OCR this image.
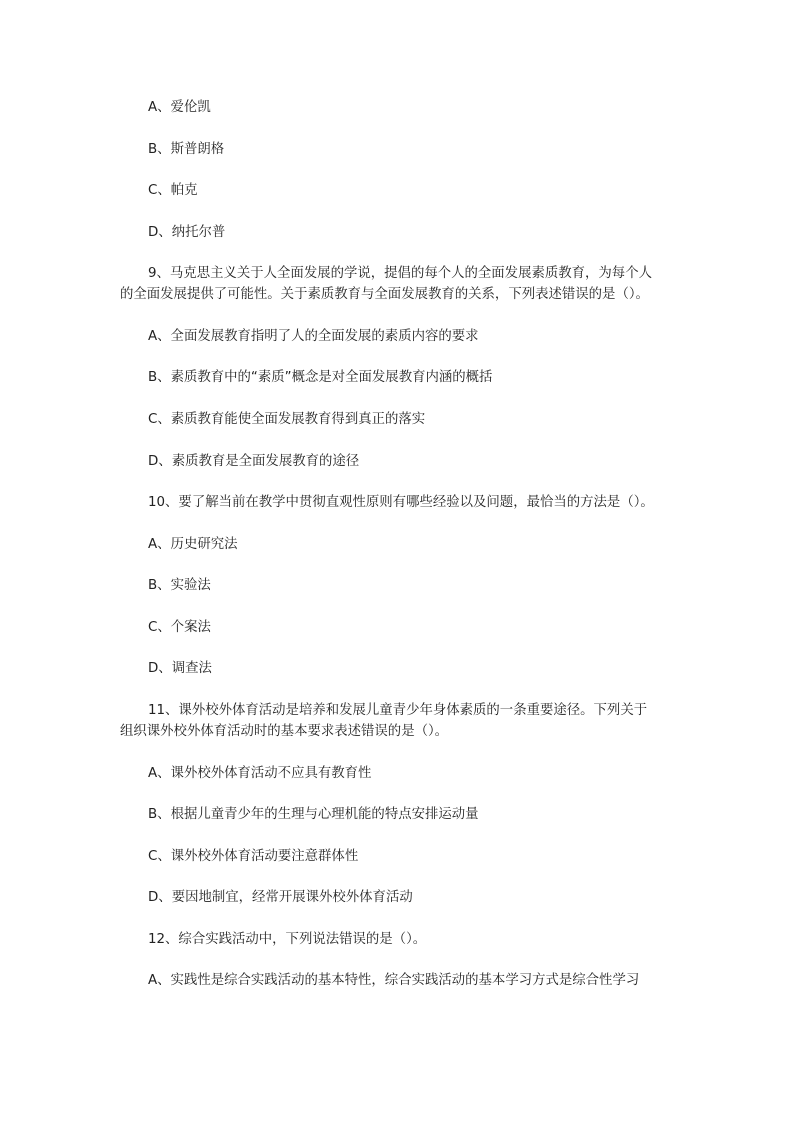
A、爱伦凯

B、斯普朗格

C、帕克

D、纳托尔普

9、马克思主义关于人全面发展的学说，提倡的每个人的全面发展素质教育，为每个人

的全面发展提供了可能性。关于素质教育与全面发展教育的关系，下列表述错误的是（）。

A、全面发展教育指明了人的全面发展的素质内容的要求

B、素质教育中的“素质”概念是对全面发展教育内涵的概括

C、素质教育能使全面发展教育得到真正的落实

D、素质教育是全面发展教育的途径

10、要了解当前在教学中贯彻直观性原则有哪些经验以及问题，最恰当的方法是（）。

A、历史研究法

B、实验法

C、个案法

D、调查法

11、课外校外体育活动是培养和发展儿童青少年身体素质的一条重要途径。下列关于

组织课外校外体育活动时的基本要求表述错误的是（）。

A、课外校外体育活动不应具有教育性

B、根据儿童青少年的生理与心理机能的特点安排运动量

C、课外校外体育活动要注意群体性

D、要因地制宜，经常开展课外校外体育活动

12、综合实践活动中，下列说法错误的是（）。

A、实践性是综合实践活动的基本特性，综合实践活动的基本学习方式是综合性学习
